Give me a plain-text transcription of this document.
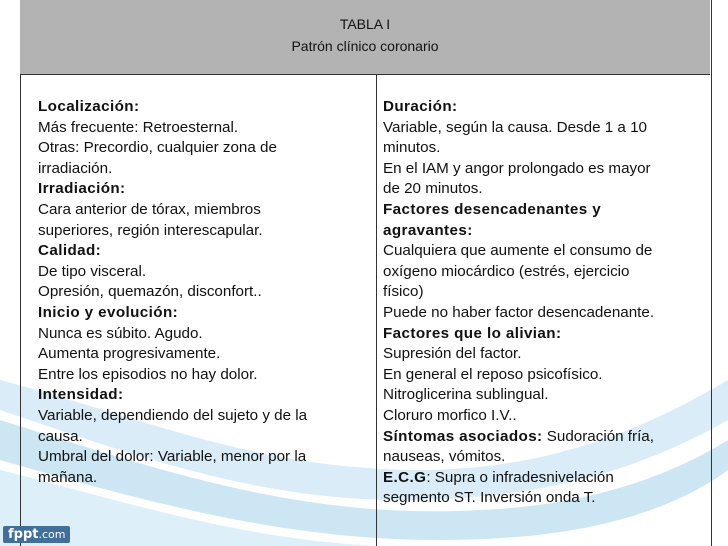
TABLA I
Patrón clínico coronario

Localización:

Más frecuente: Retroesternal.

Otras: Precordio, cualquier zona de

irradiación.

Irradiación:

Cara anterior de tórax, miembros

superiores, región interescapular.

Calidad:

De tipo visceral.

Opresión, quemazón, disconfort..

Inicio y evolución:

Nunca es súbito. Agudo.

Aumenta progresivamente.

Entre los episodios no hay dolor.

Intensidad:

Variable, dependiendo del sujeto y de la

causa.

Umbral del dolor: Variable, menor por la

mañana.

Duración:

Variable, según la causa. Desde 1 a 10

minutos.

En el IAM y angor prolongado es mayor

de 20 minutos.

Factores desencadenantes y

agravantes:

Cualquiera que aumente el consumo de

oxígeno miocárdico (estrés, ejercicio

físico)

Puede no haber factor desencadenante.

Factores que lo alivian:

Supresión del factor.

En general el reposo psicofísico.

Nitroglicerina sublingual.

Cloruro morfico I.V..

Síntomas asociados: Sudoración fría,

nauseas, vómitos.

E.C.G: Supra o infradesnivelación

segmento ST. Inversión onda T.

fppt.com
